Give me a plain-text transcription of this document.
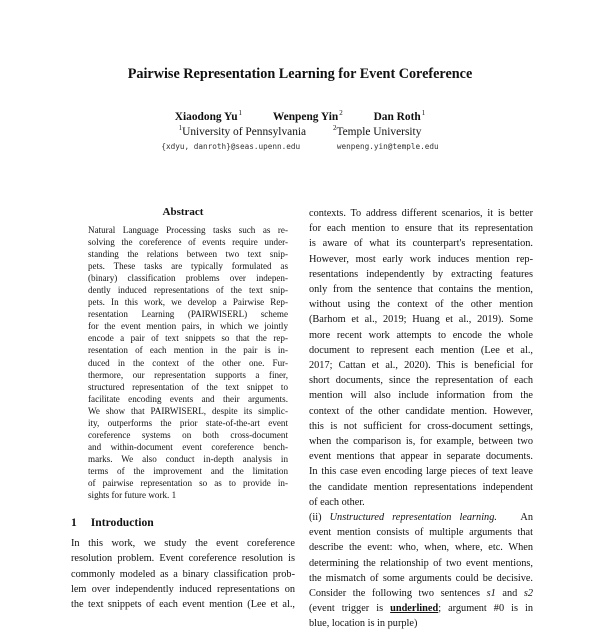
Pairwise Representation Learning for Event Coreference
Xiaodong Yu$^1$	Wenpeng Yin$^2$	Dan Roth$^1$
$^1$University of Pennsylvania	$^2$Temple University
{xdyu, danroth}@seas.upenn.edu	wenpeng.yin@temple.edu
Abstract
Natural Language Processing tasks such as re-
solving the coreference of events require under-
standing the relations between two text snip-
pets. These tasks are typically formulated as
(binary) classification problems over indepen-
dently induced representations of the text snip-
pets. In this work, we develop a Pairwise Rep-
resentation Learning (PAIRWISERL) scheme
for the event mention pairs, in which we jointly
encode a pair of text snippets so that the rep-
resentation of each mention in the pair is in-
duced in the context of the other one. Fur-
thermore, our representation supports a finer,
structured representation of the text snippet to
facilitate encoding events and their arguments.
We show that PAIRWISERL, despite its simplic-
ity, outperforms the prior state-of-the-art event
coreference systems on both cross-document
and within-document event coreference bench-
marks. We also conduct in-depth analysis in
terms of the improvement and the limitation
of pairwise representation so as to provide in-
sights for future work. 1
1 Introduction
In this work, we study the event coreference
resolution problem. Event coreference resolution is
commonly modeled as a binary classification prob-
lem over independently induced representations on
the text snippets of each event mention (Lee et al.,
contexts. To address different scenarios, it is better
for each mention to ensure that its representation
is aware of what its counterpart's representation.
However, most early work induces mention rep-
resentations independently by extracting features
only from the sentence that contains the mention,
without using the context of the other mention
(Barhom et al., 2019; Huang et al., 2019). Some
more recent work attempts to encode the whole
document to represent each mention (Lee et al.,
2017; Cattan et al., 2020). This is beneficial for
short documents, since the representation of each
mention will also include information from the
context of the other candidate mention. However,
this is not sufficient for cross-document settings,
when the comparison is, for example, between two
event mentions that appear in separate documents.
In this case even encoding large pieces of text leave
the candidate mention representations independent
of each other.
(ii) Unstructured representation learning. An
event mention consists of multiple arguments that
describe the event: who, when, where, etc. When
determining the relationship of two event mentions,
the mismatch of some arguments could be decisive.
Consider the following two sentences s1 and s2
(event trigger is underlined; argument #0 is in
blue, location is in purple)
